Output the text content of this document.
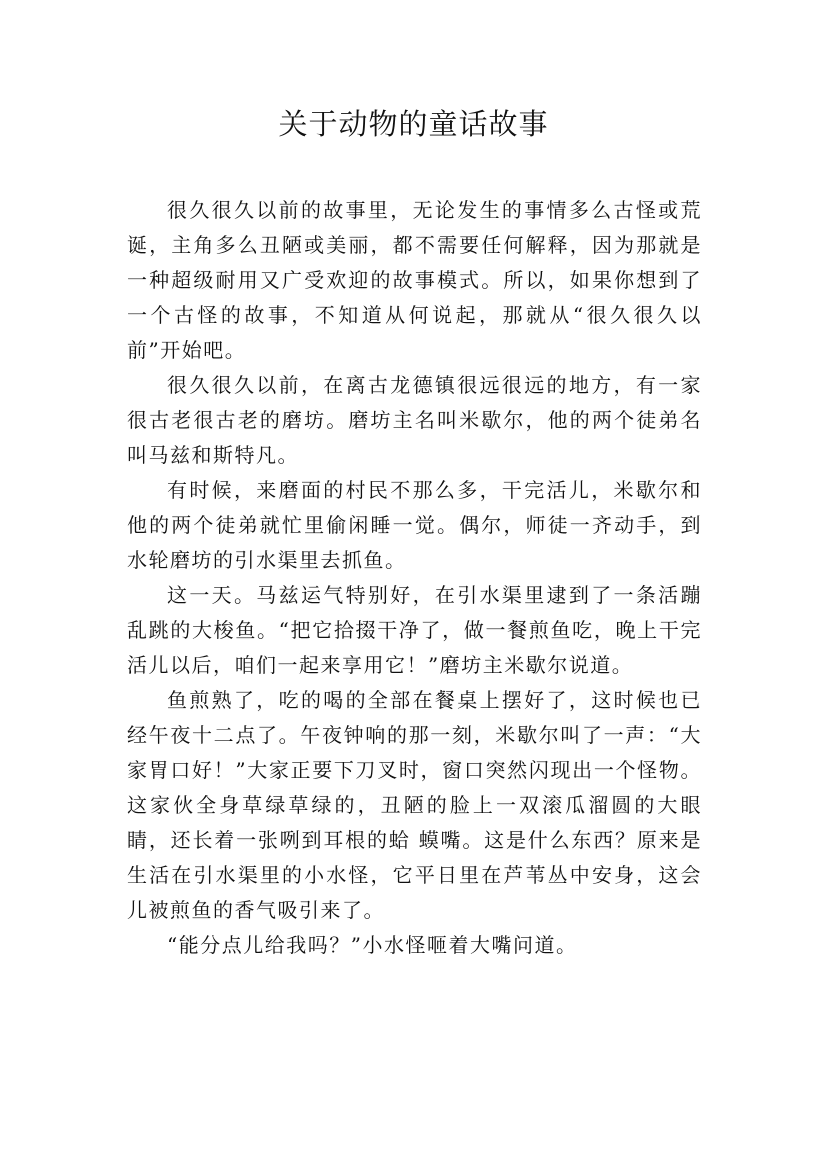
关于动物的童话故事

很久很久以前的故事里，无论发生的事情多么古怪或荒诞，主角多么丑陋或美丽，都不需要任何解释，因为那就是一种超级耐用又广受欢迎的故事模式。所以，如果你想到了一个古怪的故事，不知道从何说起，那就从“很久很久以前”开始吧。

很久很久以前，在离古龙德镇很远很远的地方，有一家很古老很古老的磨坊。磨坊主名叫米歇尔，他的两个徒弟名叫马兹和斯特凡。

有时候，来磨面的村民不那么多，干完活儿，米歇尔和他的两个徒弟就忙里偷闲睡一觉。偶尔，师徒一齐动手，到水轮磨坊的引水渠里去抓鱼。

这一天。马兹运气特别好，在引水渠里逮到了一条活蹦乱跳的大梭鱼。“把它拾掇干净了，做一餐煎鱼吃，晚上干完活儿以后，咱们一起来享用它！”磨坊主米歇尔说道。

鱼煎熟了，吃的喝的全部在餐桌上摆好了，这时候也已经午夜十二点了。午夜钟响的那一刻，米歇尔叫了一声：“大家胃口好！”大家正要下刀叉时，窗口突然闪现出一个怪物。这家伙全身草绿草绿的，丑陋的脸上一双滚瓜溜圆的大眼睛，还长着一张咧到耳根的蛤 蟆嘴。这是什么东西？原来是生活在引水渠里的小水怪，它平日里在芦苇丛中安身，这会儿被煎鱼的香气吸引来了。

“能分点儿给我吗？”小水怪咂着大嘴问道。
